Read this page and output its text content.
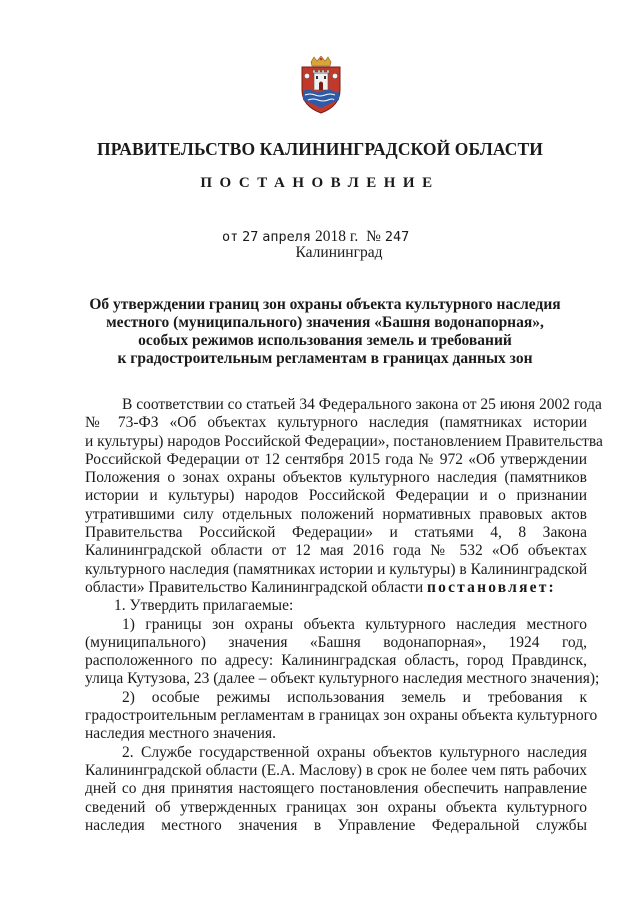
ПРАВИТЕЛЬСТВО КАЛИНИНГРАДСКОЙ ОБЛАСТИ
ПОСТАНОВЛЕНИЕ
от 27 апреля 2018 г. № 247
Калининград
Об утверждении границ зон охраны объекта культурного наследия
местного (муниципального) значения «Башня водонапорная»,
особых режимов использования земель и требований
к градостроительным регламентам в границах данных зон
В соответствии со статьей 34 Федерального закона от 25 июня 2002 года
№ 73-ФЗ «Об объектах культурного наследия (памятниках истории
и культуры) народов Российской Федерации», постановлением Правительства
Российской Федерации от 12 сентября 2015 года № 972 «Об утверждении
Положения о зонах охраны объектов культурного наследия (памятников
истории и культуры) народов Российской Федерации и о признании
утратившими силу отдельных положений нормативных правовых актов
Правительства Российской Федерации» и статьями 4, 8 Закона
Калининградской области от 12 мая 2016 года № 532 «Об объектах
культурного наследия (памятниках истории и культуры) в Калининградской
области» Правительство Калининградской области постановляет:
1. Утвердить прилагаемые:
1) границы зон охраны объекта культурного наследия местного
(муниципального) значения «Башня водонапорная», 1924 год,
расположенного по адресу: Калининградская область, город Правдинск,
улица Кутузова, 23 (далее – объект культурного наследия местного значения);
2) особые режимы использования земель и требования к
градостроительным регламентам в границах зон охраны объекта культурного
наследия местного значения.
2. Службе государственной охраны объектов культурного наследия
Калининградской области (Е.А. Маслову) в срок не более чем пять рабочих
дней со дня принятия настоящего постановления обеспечить направление
сведений об утвержденных границах зон охраны объекта культурного
наследия местного значения в Управление Федеральной службы
